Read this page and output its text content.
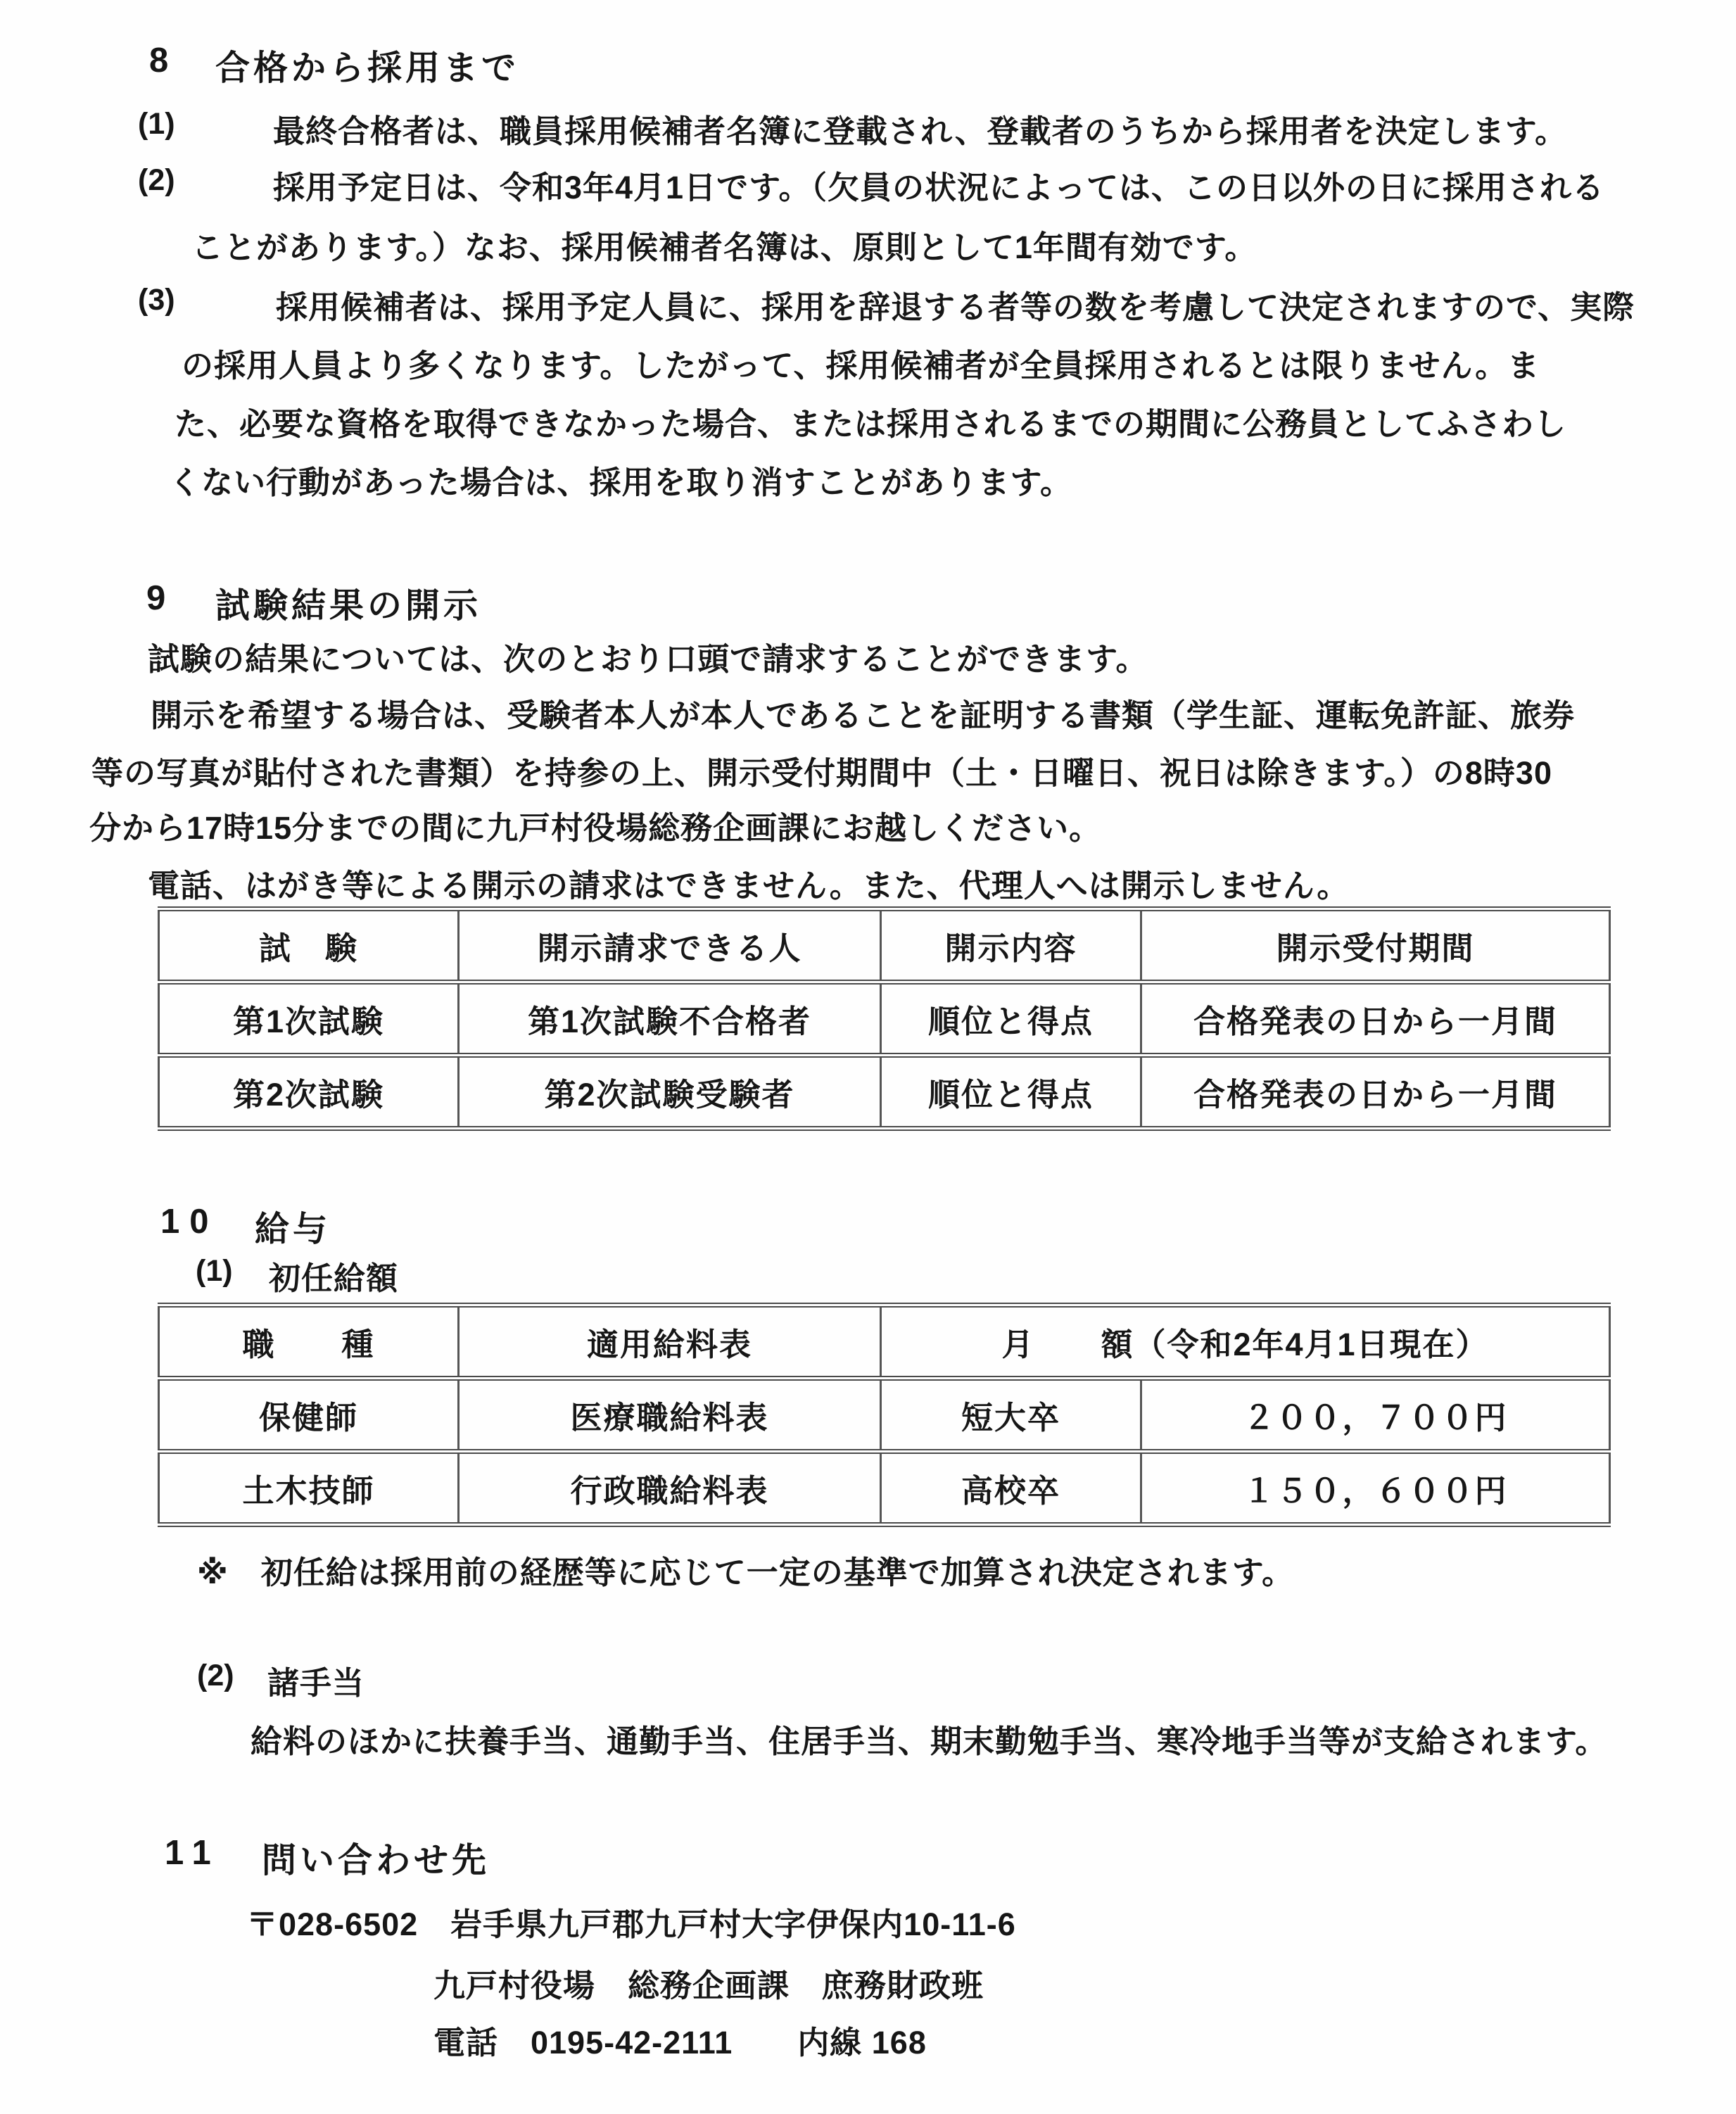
8 合格から採用まで
(1)	最終合格者は、職員採用候補者名簿に登載され、登載者のうちから採用者を決定します。
(2)	採用予定日は、令和3年4月1日です。（欠員の状況によっては、この日以外の日に採用される
ことがあります。）なお、採用候補者名簿は、原則として1年間有効です。
(3)	採用候補者は、採用予定人員に、採用を辞退する者等の数を考慮して決定されますので、実際
の採用人員より多くなります。したがって、採用候補者が全員採用されるとは限りません。ま
た、必要な資格を取得できなかった場合、または採用されるまでの期間に公務員としてふさわし
くない行動があった場合は、採用を取り消すことがあります。
9 試験結果の開示
試験の結果については、次のとおり口頭で請求することができます。
開示を希望する場合は、受験者本人が本人であることを証明する書類（学生証、運転免許証、旅券
等の写真が貼付された書類）を持参の上、開示受付期間中（土・日曜日、祝日は除きます。）の8時30
分から17時15分までの間に九戸村役場総務企画課にお越しください。
電話、はがき等による開示の請求はできません。また、代理人へは開示しません。
試　験	開示請求できる人	開示内容	開示受付期間
第1次試験	第1次試験不合格者	順位と得点	合格発表の日から一月間
第2次試験	第2次試験受験者	順位と得点	合格発表の日から一月間
10 給与
(1) 初任給額
職　　種	適用給料表	月　　額（令和2年4月1日現在）	
保健師	医療職給料表	短大卒	２００，７００円
土木技師	行政職給料表	高校卒	１５０，６００円
※　初任給は採用前の経歴等に応じて一定の基準で加算され決定されます。
(2) 諸手当
給料のほかに扶養手当、通勤手当、住居手当、期末勤勉手当、寒冷地手当等が支給されます。
11 問い合わせ先
〒028-6502　岩手県九戸郡九戸村大字伊保内10-11-6
九戸村役場　総務企画課　庶務財政班
電話　0195-42-2111　　内線 168
